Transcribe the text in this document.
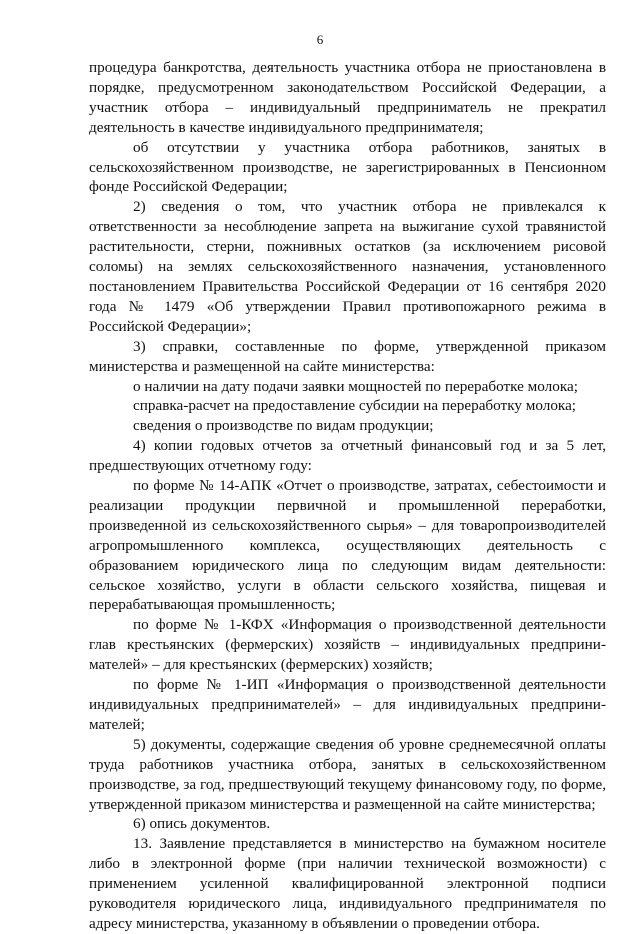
6

процедура банкротства, деятельность участника отбора не приостановлена в порядке, предусмотренном законодательством Российской Федерации, а участник отбора – индивидуальный предприниматель не прекратил деятельность в качестве индивидуального предпринимателя;

об отсутствии у участника отбора работников, занятых в сельскохозяйственном производстве, не зарегистрированных в Пенсионном фонде Российской Федерации;

2) сведения о том, что участник отбора не привлекался к ответственности за несоблюдение запрета на выжигание сухой травянистой растительности, стерни, пожнивных остатков (за исключением рисовой соломы) на землях сельскохозяйственного назначения, установленного постановлением Правительства Российской Федерации от 16 сентября 2020 года № 1479 «Об утверждении Правил противопожарного режима в Российской Федерации»;

3) справки, составленные по форме, утвержденной приказом министерства и размещенной на сайте министерства:

о наличии на дату подачи заявки мощностей по переработке молока;

справка-расчет на предоставление субсидии на переработку молока;

сведения о производстве по видам продукции;

4) копии годовых отчетов за отчетный финансовый год и за 5 лет, предшествующих отчетному году:

по форме № 14-АПК «Отчет о производстве, затратах, себестоимости и реализации продукции первичной и промышленной переработки, произведенной из сельскохозяйственного сырья» – для товаропроизводителей агропромышленного комплекса, осуществляющих деятельность с образованием юридического лица по следующим видам деятельности: сельское хозяйство, услуги в области сельского хозяйства, пищевая и перерабатывающая промышленность;

по форме № 1-КФХ «Информация о производственной деятельности глав крестьянских (фермерских) хозяйств – индивидуальных предпринимателей» – для крестьянских (фермерских) хозяйств;

по форме № 1-ИП «Информация о производственной деятельности индивидуальных предпринимателей» – для индивидуальных предпринимателей;

5) документы, содержащие сведения об уровне среднемесячной оплаты труда работников участника отбора, занятых в сельскохозяйственном производстве, за год, предшествующий текущему финансовому году, по форме, утвержденной приказом министерства и размещенной на сайте министерства;

6) опись документов.

13. Заявление представляется в министерство на бумажном носителе либо в электронной форме (при наличии технической возможности) с применением усиленной квалифицированной электронной подписи руководителя юридического лица, индивидуального предпринимателя по адресу министерства, указанному в объявлении о проведении отбора.
